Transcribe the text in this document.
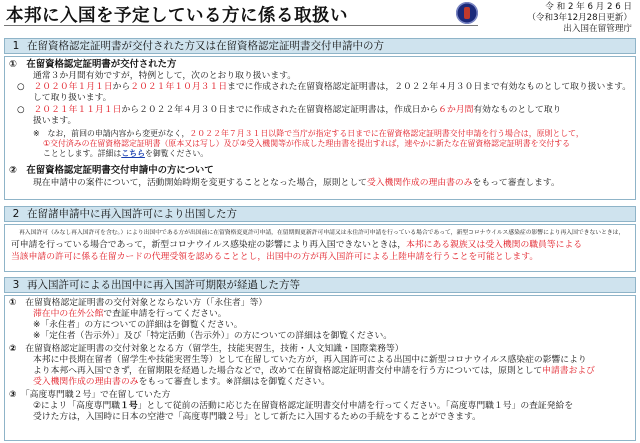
本邦に入国を予定している方に係る取扱い	令 和 2 年 6 月 2 6 日
（令和3年12月28日更新）
出入国在留管理庁
1 在留資格認定証明書が交付された方又は在留資格認定証明書交付申請中の方
①　 在留資格認定証明書が交付された方
通常３か月間有効ですが，特例として，次のとおり取り扱います。
○　２０２０年１月１日から２０２１年１０月３１日までに作成された在留資格認定証明書は，２０２２年４月３０日まで有効なものとして取り扱います。
して取り扱います。
○　２０２１年１１月１日から２０２２年４月３０日までに作成された在留資格認定証明書は，作成日から６か月間有効なものとして取り
扱います。
※　なお，前回の申請内容から変更がなく，２０２２年７月３１日以降で当庁が指定する日までに在留資格認定証明書交付申請を行う場合は，原則として，
①交付済みの在留資格認定証明書（原本又は写し）及び②受入機関等が作成した理由書を提出すれば，速やかに新たな在留資格認定証明書を交付する
こととします。詳細はこちらを御覧ください。
②　 在留資格認定証明書交付申請中の方について
現在申請中の案件について，活動開始時期を変更することとなった場合，原則として受入機関作成の理由書のみをもって審査します。
2 在留諸申請中に再入国許可により出国した方
再入国許可（みなし再入国許可を含む。）により出国中である方が出国前に在留資格変更許可申請，在留期間更新許可申請又は永住許可申請を行っている場合であって，新型コロナウイルス感染症の影響により再入国できないときは，
可申請を行っている場合であって，新型コロナウイルス感染症の影響により再入国できないときは，本邦にある親族又は受入機関の職員等による
当該申請の許可に係る在留カードの代理受領を認めることとし，出国中の方が再入国許可による上陸申請を行うことを可能とします。
3 再入国許可による出国中に再入国許可期限が経過した方等
①　 在留資格認定証明書の交付対象とならない方（「永住者」等）
滞在中の在外公館で査証申請を行ってください。
※「永住者」の方についての詳細はを御覧ください。
※「定住者（告示外）」及び「特定活動（告示外）」の方についての詳細はを御覧ください。
②　 在留資格認定証明書の交付対象となる方（留学生，技能実習生，技術・人文知識・国際業務等）
本邦に中長期在留者（留学生や技能実習生等）として在留していた方が，再入国許可による出国中に新型コロナウイルス感染症の影響により
より本邦へ再入国できず，在留期限を経過した場合などで，改めて在留資格認定証明書交付申請を行う方については，原則として申請書および
受入機関作成の理由書のみをもって審査します。※詳細はを御覧ください。
③　 「高度専門職２号」で在留していた方
②によリ「高度専門職１号」として従前の活動に応じた在留資格認定証明書交付申請を行ってください。「高度専門職１号」の査証発給を
受けた方は，入国時に日本の空港で「高度専門職２号」として新たに入国するための手続をすることができます。
